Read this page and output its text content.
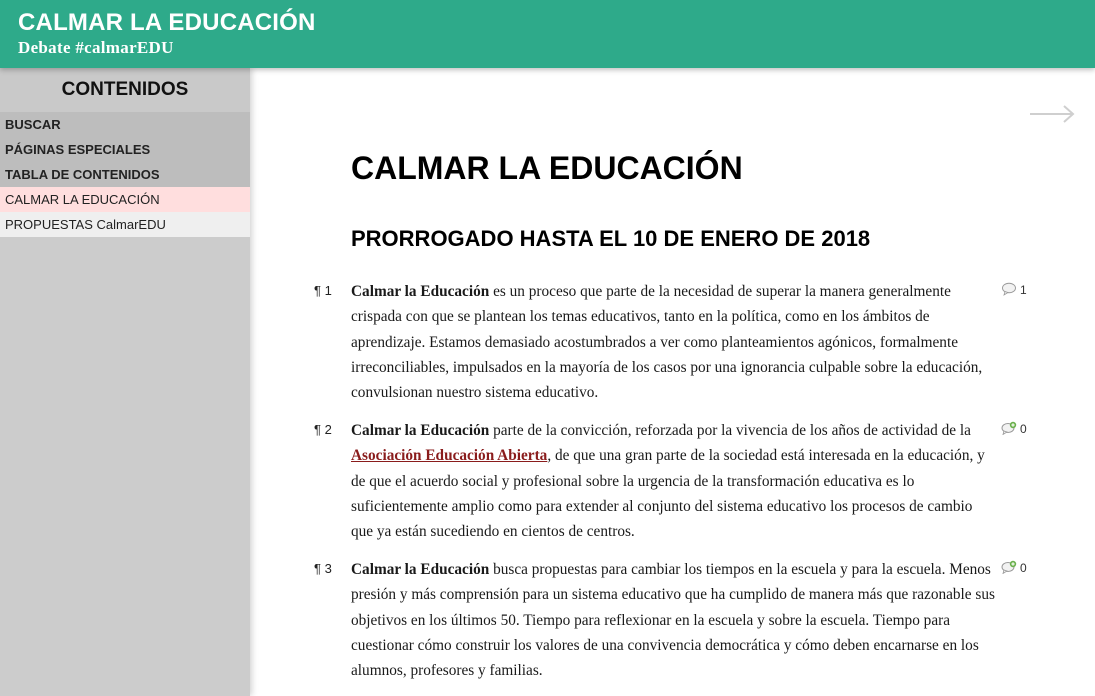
CALMAR LA EDUCACIÓN
Debate #calmarEDU
CONTENIDOS
BUSCAR
PÁGINAS ESPECIALES
TABLA DE CONTENIDOS
CALMAR LA EDUCACIÓN
PROPUESTAS CalmarEDU
CALMAR LA EDUCACIÓN
PRORROGADO HASTA EL 10 DE ENERO DE 2018
¶ 1 Calmar la Educación es un proceso que parte de la necesidad de superar la manera generalmente crispada con que se plantean los temas educativos, tanto en la política, como en los ámbitos de aprendizaje. Estamos demasiado acostumbrados a ver como planteamientos agónicos, formalmente irreconciliables, impulsados en la mayoría de los casos por una ignorancia culpable sobre la educación, convulsionan nuestro sistema educativo.
1
¶ 2 Calmar la Educación parte de la convicción, reforzada por la vivencia de los años de actividad de la Asociación Educación Abierta, de que una gran parte de la sociedad está interesada en la educación, y de que el acuerdo social y profesional sobre la urgencia de la transformación educativa es lo suficientemente amplio como para extender al conjunto del sistema educativo los procesos de cambio que ya están sucediendo en cientos de centros.
0
¶ 3 Calmar la Educación busca propuestas para cambiar los tiempos en la escuela y para la escuela. Menos presión y más comprensión para un sistema educativo que ha cumplido de manera más que razonable sus objetivos en los últimos 50. Tiempo para reflexionar en la escuela y sobre la escuela. Tiempo para cuestionar cómo construir los valores de una convivencia democrática y cómo deben encarnarse en los alumnos, profesores y familias.
0
